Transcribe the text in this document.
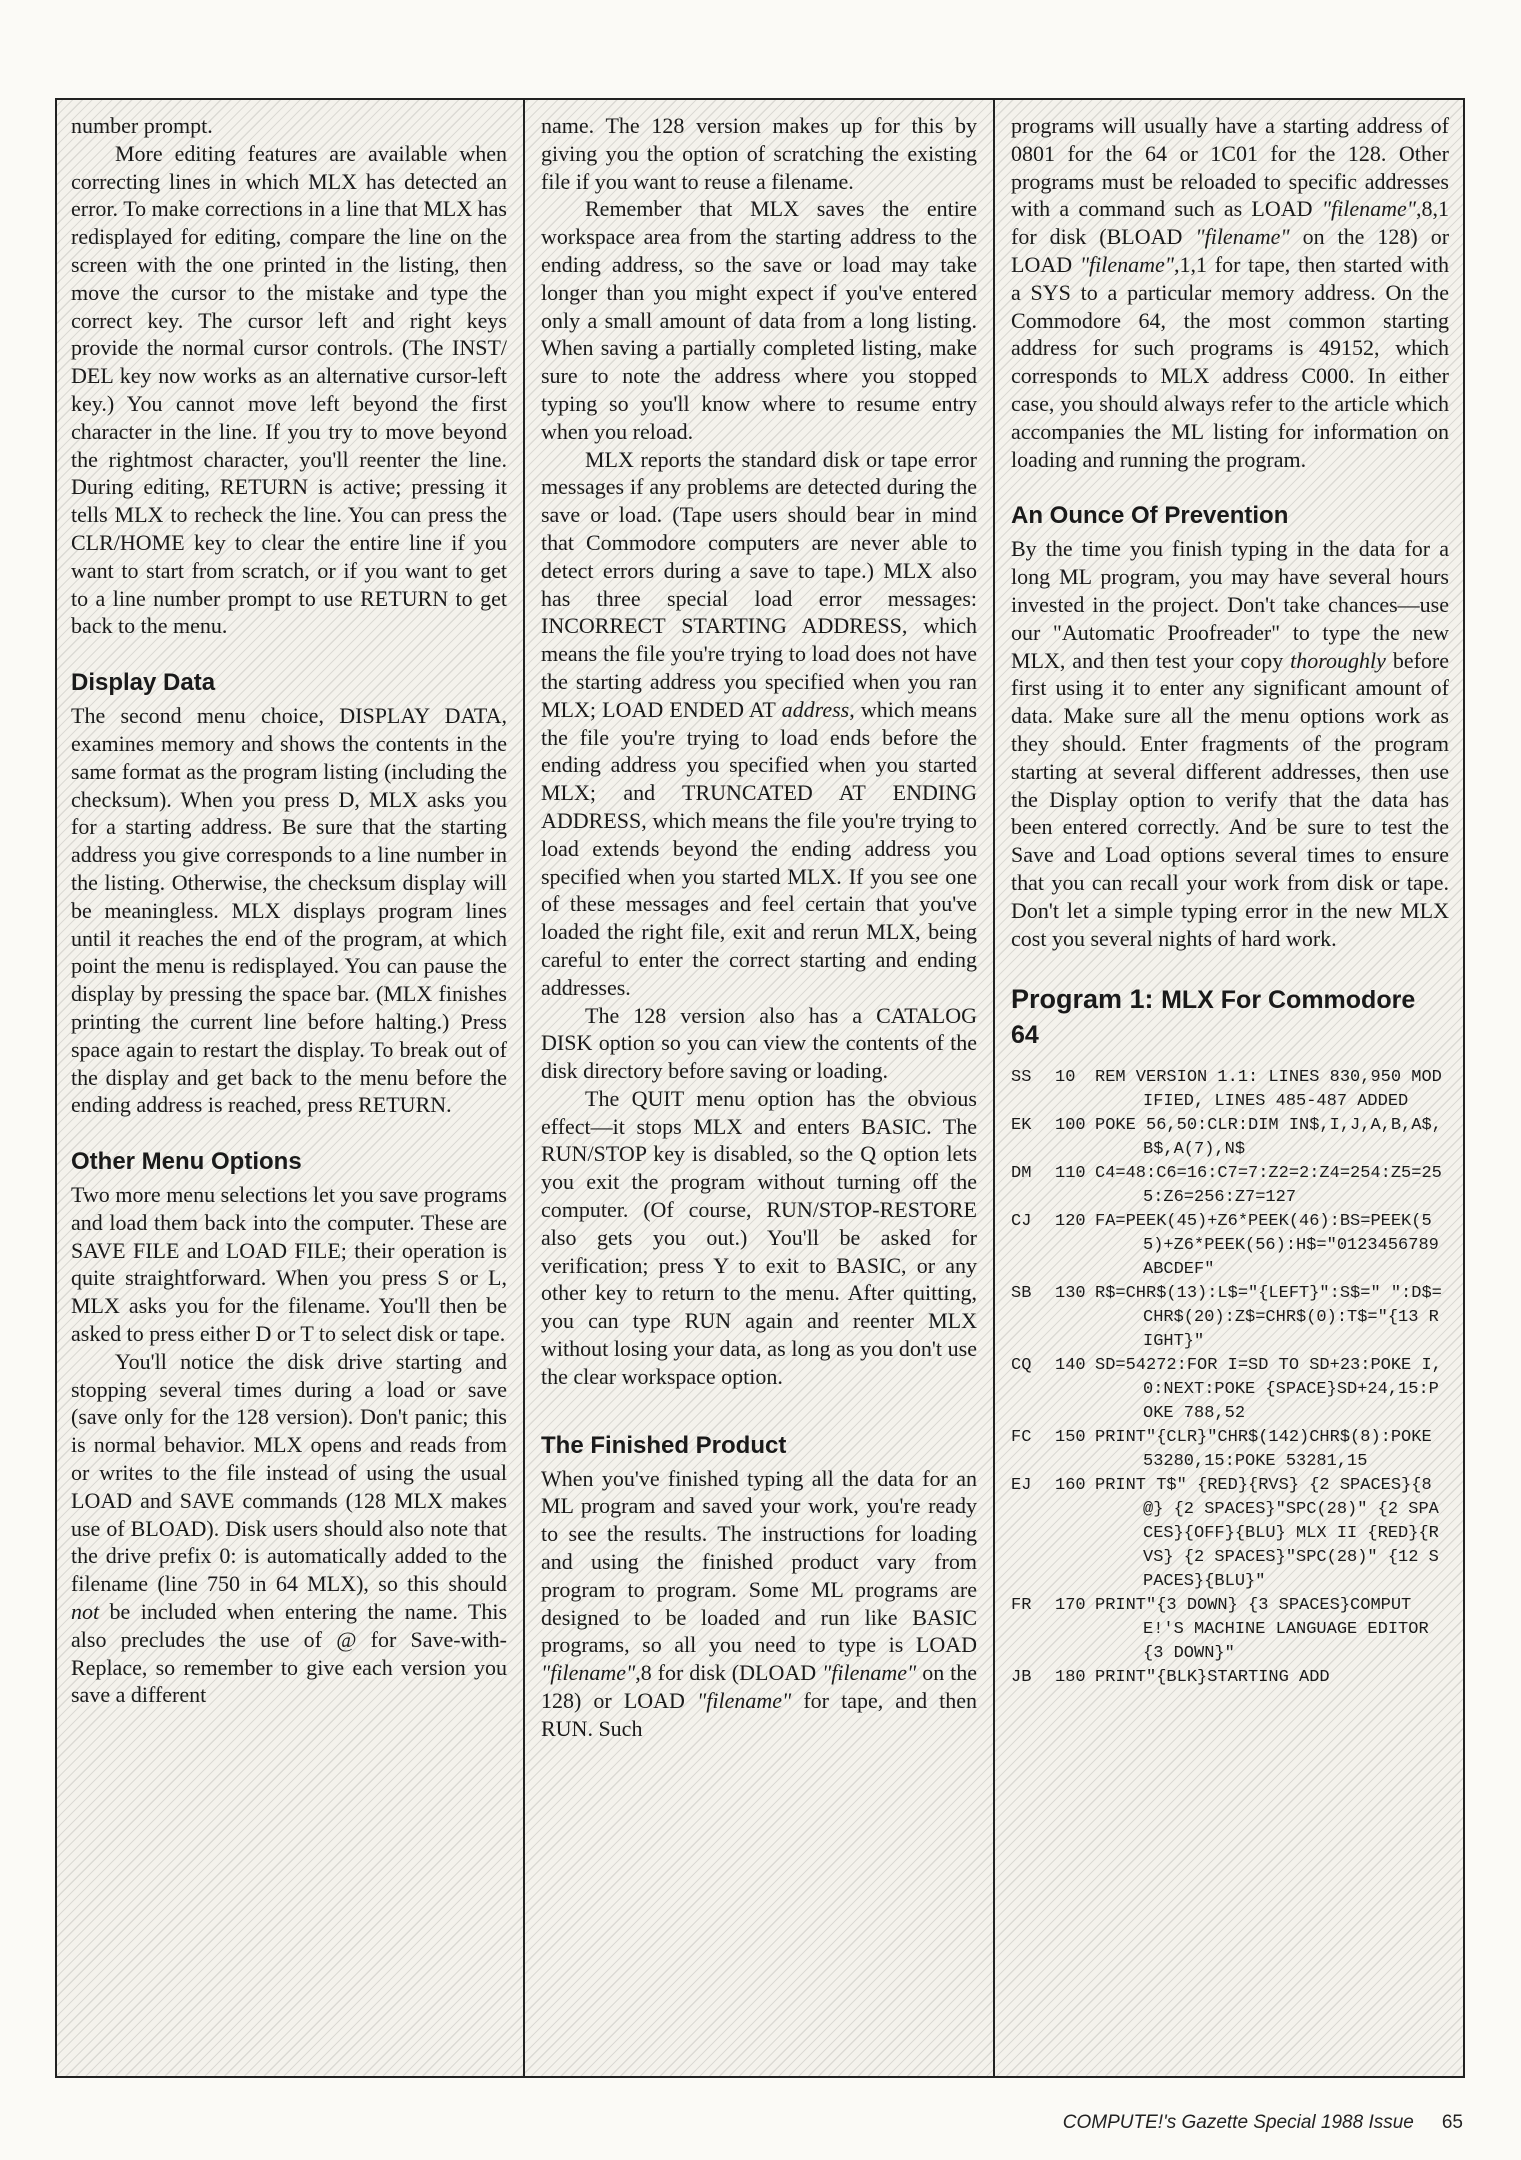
number prompt.

More editing features are available when correcting lines in which MLX has detected an error. To make corrections in a line that MLX has redisplayed for editing, compare the line on the screen with the one printed in the listing, then move the cursor to the mistake and type the correct key. The cursor left and right keys provide the normal cursor controls. (The INST/ DEL key now works as an alternative cursor-left key.) You cannot move left beyond the first character in the line. If you try to move beyond the rightmost character, you'll reenter the line. During editing, RETURN is active; pressing it tells MLX to recheck the line. You can press the CLR/HOME key to clear the entire line if you want to start from scratch, or if you want to get to a line number prompt to use RETURN to get back to the menu.

Display Data

The second menu choice, DISPLAY DATA, examines memory and shows the contents in the same format as the program listing (including the checksum). When you press D, MLX asks you for a starting address. Be sure that the starting address you give corresponds to a line number in the listing. Otherwise, the checksum display will be meaningless. MLX displays program lines until it reaches the end of the program, at which point the menu is redisplayed. You can pause the display by pressing the space bar. (MLX finishes printing the current line before halting.) Press space again to restart the display. To break out of the display and get back to the menu before the ending address is reached, press RETURN.

Other Menu Options

Two more menu selections let you save programs and load them back into the computer. These are SAVE FILE and LOAD FILE; their operation is quite straightforward. When you press S or L, MLX asks you for the filename. You'll then be asked to press either D or T to select disk or tape.

You'll notice the disk drive starting and stopping several times during a load or save (save only for the 128 version). Don't panic; this is normal behavior. MLX opens and reads from or writes to the file instead of using the usual LOAD and SAVE commands (128 MLX makes use of BLOAD). Disk users should also note that the drive prefix 0: is automatically added to the filename (line 750 in 64 MLX), so this should not be included when entering the name. This also precludes the use of @ for Save-with-Replace, so remember to give each version you save a different

name. The 128 version makes up for this by giving you the option of scratching the existing file if you want to reuse a filename.

Remember that MLX saves the entire workspace area from the starting address to the ending address, so the save or load may take longer than you might expect if you've entered only a small amount of data from a long listing. When saving a partially completed listing, make sure to note the address where you stopped typing so you'll know where to resume entry when you reload.

MLX reports the standard disk or tape error messages if any problems are detected during the save or load. (Tape users should bear in mind that Commodore computers are never able to detect errors during a save to tape.) MLX also has three special load error messages: INCORRECT STARTING ADDRESS, which means the file you're trying to load does not have the starting address you specified when you ran MLX; LOAD ENDED AT address, which means the file you're trying to load ends before the ending address you specified when you started MLX; and TRUNCATED AT ENDING ADDRESS, which means the file you're trying to load extends beyond the ending address you specified when you started MLX. If you see one of these messages and feel certain that you've loaded the right file, exit and rerun MLX, being careful to enter the correct starting and ending addresses.

The 128 version also has a CATALOG DISK option so you can view the contents of the disk directory before saving or loading.

The QUIT menu option has the obvious effect—it stops MLX and enters BASIC. The RUN/STOP key is disabled, so the Q option lets you exit the program without turning off the computer. (Of course, RUN/STOP-RESTORE also gets you out.) You'll be asked for verification; press Y to exit to BASIC, or any other key to return to the menu. After quitting, you can type RUN again and reenter MLX without losing your data, as long as you don't use the clear workspace option.

The Finished Product

When you've finished typing all the data for an ML program and saved your work, you're ready to see the results. The instructions for loading and using the finished product vary from program to program. Some ML programs are designed to be loaded and run like BASIC programs, so all you need to type is LOAD "filename",8 for disk (DLOAD "filename" on the 128) or LOAD "filename" for tape, and then RUN. Such

programs will usually have a starting address of 0801 for the 64 or 1C01 for the 128. Other programs must be reloaded to specific addresses with a command such as LOAD "filename",8,1 for disk (BLOAD "filename" on the 128) or LOAD "filename",1,1 for tape, then started with a SYS to a particular memory address. On the Commodore 64, the most common starting address for such programs is 49152, which corresponds to MLX address C000. In either case, you should always refer to the article which accompanies the ML listing for information on loading and running the program.

An Ounce Of Prevention

By the time you finish typing in the data for a long ML program, you may have several hours invested in the project. Don't take chances—use our "Automatic Proofreader" to type the new MLX, and then test your copy thoroughly before first using it to enter any significant amount of data. Make sure all the menu options work as they should. Enter fragments of the program starting at several different addresses, then use the Display option to verify that the data has been entered correctly. And be sure to test the Save and Load options several times to ensure that you can recall your work from disk or tape. Don't let a simple typing error in the new MLX cost you several nights of hard work.

Program 1: MLX For Commodore 64
SS	10	REM VERSION 1.1: LINES 830,950 MODIFIED, LINES 485-487 ADDED
EK	100 POKE 56,50:CLR:DIM IN$,I,J,A,B,A$,B$,A(7),N$
DM	110 C4=48:C6=16:C7=7:Z2=2:Z4=254:Z5=255:Z6=256:Z7=127
CJ	120 FA=PEEK(45)+Z6*PEEK(46):BS=PEEK(55)+Z6*PEEK(56):H$="0123456789ABCDEF"
SB	130 R$=CHR$(13):L$="{LEFT}":S$=" ":D$=CHR$(20):Z$=CHR$(0):T$="{13 RIGHT}"
CQ	140 SD=54272:FOR I=SD TO SD+23:POKE I,0:NEXT:POKE {SPACE}SD+24,15:POKE 788,52
FC	150 PRINT"{CLR}"CHR$(142)CHR$(8):POKE 53280,15:POKE 53281,15
EJ	160 PRINT T$" {RED}{RVS} {2 SPACES}{8 @} {2 SPACES}"SPC(28)" {2 SPACES}{OFF}{BLU} MLX II {RED}{RVS} {2 SPACES}"SPC(28)" {12 SPACES}{BLU}"
FR	170 PRINT"{3 DOWN} {3 SPACES}COMPUTE!'S MACHINE LANGUAGE EDITOR {3 DOWN}"
JB	180 PRINT"{BLK}STARTING ADD
COMPUTE!'s Gazette Special 1988 Issue 65
